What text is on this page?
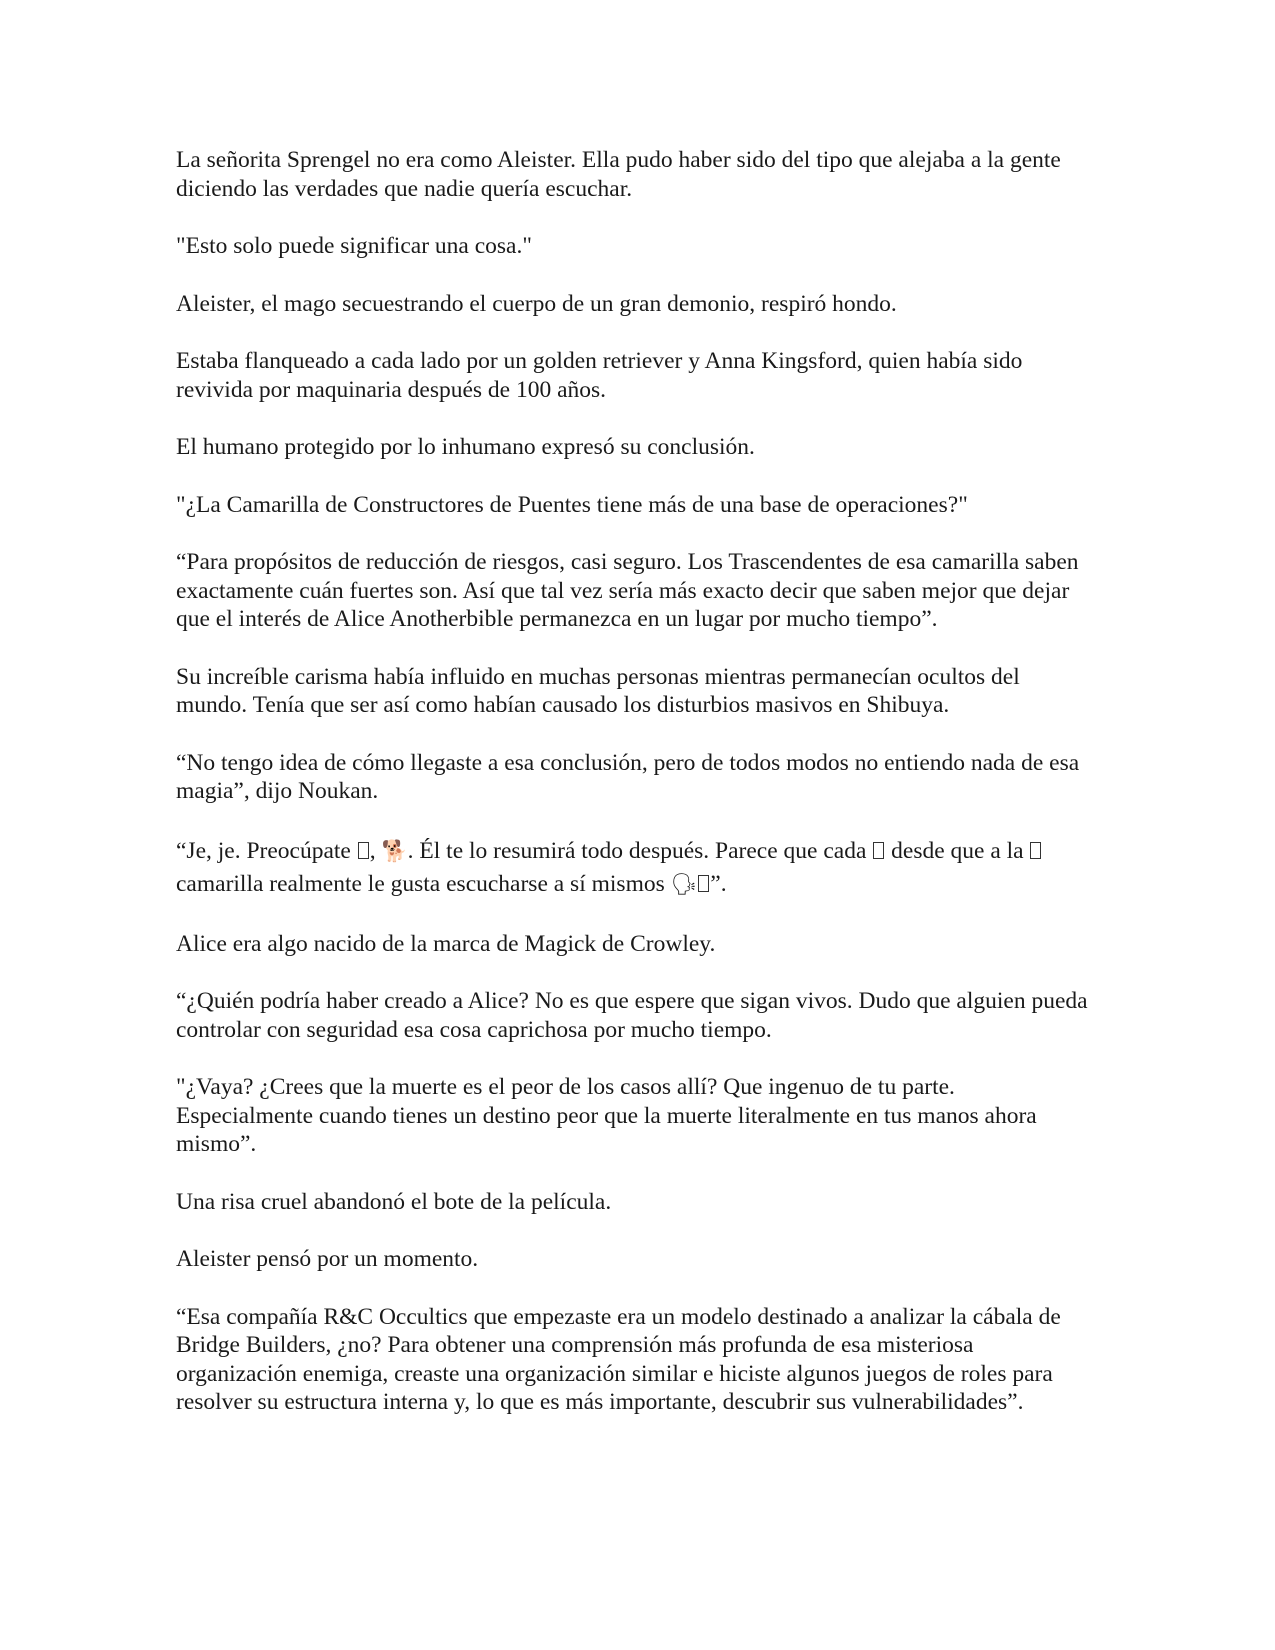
La señorita Sprengel no era como Aleister. Ella pudo haber sido del tipo que alejaba a la gente diciendo las verdades que nadie quería escuchar.

"Esto solo puede significar una cosa."

Aleister, el mago secuestrando el cuerpo de un gran demonio, respiró hondo.

Estaba flanqueado a cada lado por un golden retriever y Anna Kingsford, quien había sido revivida por maquinaria después de 100 años.

El humano protegido por lo inhumano expresó su conclusión.

"¿La Camarilla de Constructores de Puentes tiene más de una base de operaciones?"

“Para propósitos de reducción de riesgos, casi seguro. Los Trascendentes de esa camarilla saben exactamente cuán fuertes son. Así que tal vez sería más exacto decir que saben mejor que dejar que el interés de Alice Anotherbible permanezca en un lugar por mucho tiempo”.

Su increíble carisma había influido en muchas personas mientras permanecían ocultos del mundo. Tenía que ser así como habían causado los disturbios masivos en Shibuya.

“No tengo idea de cómo llegaste a esa conclusión, pero de todos modos no entiendo nada de esa magia”, dijo Noukan.

“Je, je. Preocúpate , 🐕. Él te lo resumirá todo después. Parece que cada  desde que a la  camarilla realmente le gusta escucharse a sí mismos 🗣 ”.

Alice era algo nacido de la marca de Magick de Crowley.

“¿Quién podría haber creado a Alice? No es que espere que sigan vivos. Dudo que alguien pueda controlar con seguridad esa cosa caprichosa por mucho tiempo.

"¿Vaya? ¿Crees que la muerte es el peor de los casos allí? Que ingenuo de tu parte. Especialmente cuando tienes un destino peor que la muerte literalmente en tus manos ahora mismo”.

Una risa cruel abandonó el bote de la película.

Aleister pensó por un momento.

“Esa compañía R&C Occultics que empezaste era un modelo destinado a analizar la cábala de Bridge Builders, ¿no? Para obtener una comprensión más profunda de esa misteriosa organización enemiga, creaste una organización similar e hiciste algunos juegos de roles para resolver su estructura interna y, lo que es más importante, descubrir sus vulnerabilidades”.
